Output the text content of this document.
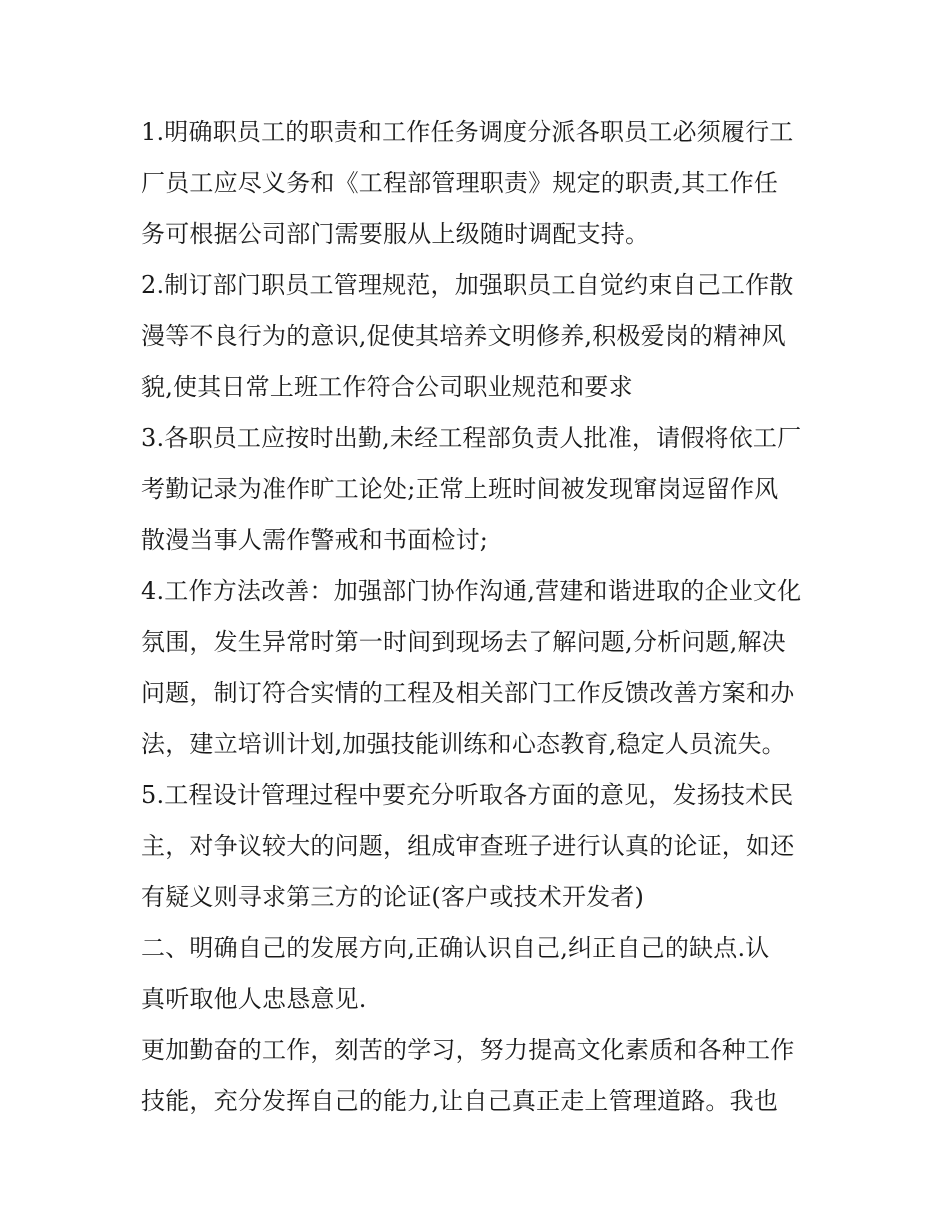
1.明确职员工的职责和工作任务调度分派各职员工必须履行工
厂员工应尽义务和《工程部管理职责》规定的职责,其工作任
务可根据公司部门需要服从上级随时调配支持。
2.制订部门职员工管理规范，加强职员工自觉约束自己工作散
漫等不良行为的意识,促使其培养文明修养,积极爱岗的精神风
貌,使其日常上班工作符合公司职业规范和要求
3.各职员工应按时出勤,未经工程部负责人批准，请假将依工厂
考勤记录为准作旷工论处;正常上班时间被发现窜岗逗留作风
散漫当事人需作警戒和书面检讨;
4.工作方法改善：加强部门协作沟通,营建和谐进取的企业文化
氛围，发生异常时第一时间到现场去了解问题,分析问题,解决
问题，制订符合实情的工程及相关部门工作反馈改善方案和办
法，建立培训计划,加强技能训练和心态教育,稳定人员流失。
5.工程设计管理过程中要充分听取各方面的意见，发扬技术民
主，对争议较大的问题，组成审查班子进行认真的论证，如还
有疑义则寻求第三方的论证(客户或技术开发者)
二、明确自己的发展方向,正确认识自己,纠正自己的缺点.认
真听取他人忠恳意见.
更加勤奋的工作，刻苦的学习，努力提高文化素质和各种工作
技能，充分发挥自己的能力,让自己真正走上管理道路。我也
